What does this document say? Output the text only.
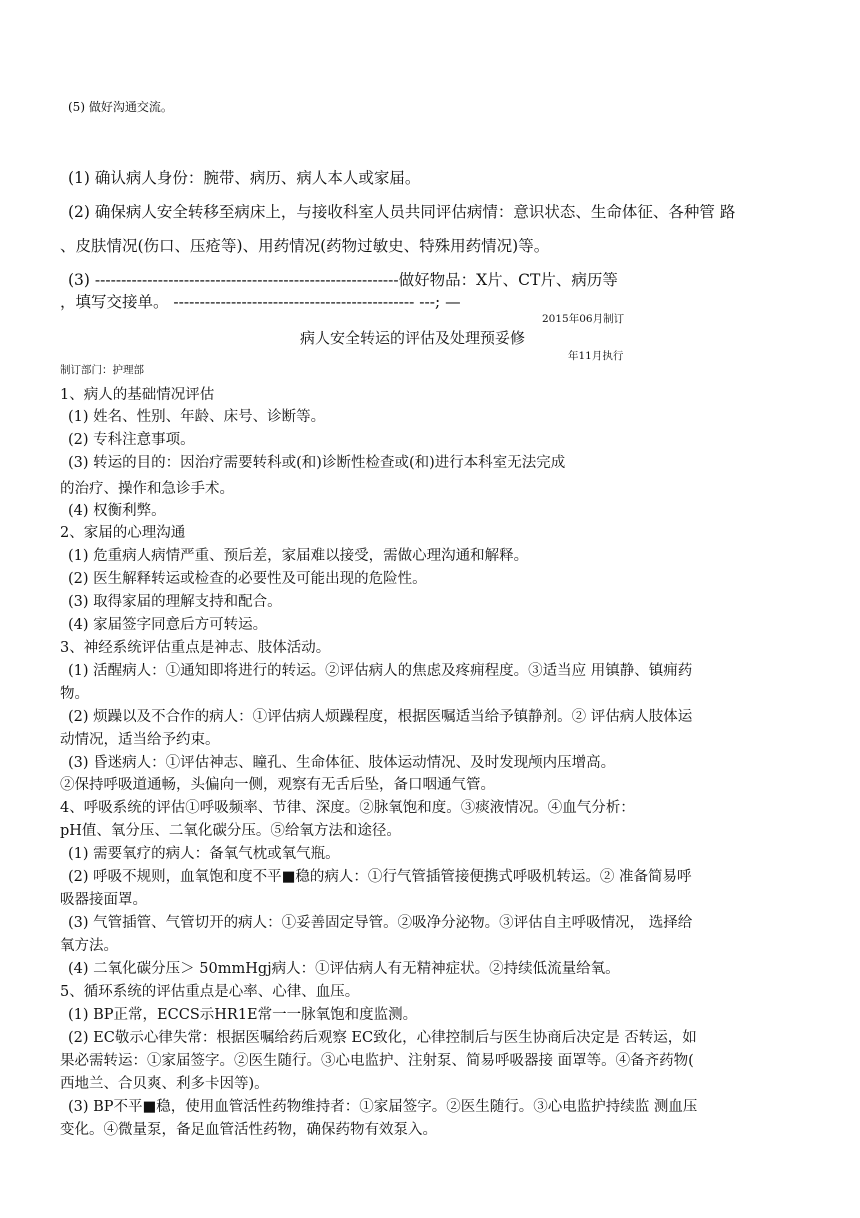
(5) 做好沟通交流。
(1) 确认病人身份：腕带、病历、病人本人或家届。
(2) 确保病人安全转移至病床上，与接收科室人员共同评估病情：意识状态、生命体征、各种管 路
、皮肤情况(伤口、压疮等)、用药情况(药物过敏史、特殊用药情况)等。
(3) ----------------------------------------------------------做好物品：X片、CT片、病历等
，填写交接单。 ---------------------------------------------- ---; —
2015年06月制订
病人安全转运的评估及处理预妥修
年11月执行
制订部门：护理部
1、病人的基础情况评估
(1) 姓名、性别、年龄、床号、诊断等。
(2) 专科注意事项。
(3) 转运的目的：因治疗需要转科或(和)诊断性检查或(和)进行本科室无法完成
的治疗、操作和急诊手术。
(4) 权衡利弊。
2、家届的心理沟通
(1) 危重病人病情严重、预后差，家届难以接受，需做心理沟通和解释。
(2) 医生解释转运或检查的必要性及可能出现的危险性。
(3) 取得家届的理解支持和配合。
(4) 家届签字同意后方可转运。
3、神经系统评估重点是神志、肢体活动。
(1) 活醒病人：①通知即将进行的转运。②评估病人的焦虑及疼痈程度。③适当应 用镇静、镇痈药
物。
(2) 烦躁以及不合作的病人：①评估病人烦躁程度，根据医嘱适当给予镇静剂。② 评估病人肢体运
动情况，适当给予约束。
(3) 昏迷病人：①评估神志、瞳孔、生命体征、肢体运动情况、及时发现颅内压增高。
②保持呼吸道通畅，头偏向一侧，观察有无舌后坠，备口咽通气管。
4、呼吸系统的评估①呼吸频率、节律、深度。②脉氧饱和度。③痰液情况。④血气分析：
pH值、氧分压、二氧化碳分压。⑤给氧方法和途径。
(1) 需要氧疗的病人：备氧气枕或氧气瓶。
(2) 呼吸不规则，血氧饱和度不平■稳的病人：①行气管插管接便携式呼吸机转运。② 准备简易呼
吸器接面罩。
(3) 气管插管、气管切开的病人：①妥善固定导管。②吸净分泌物。③评估自主呼吸情况， 选择给
氧方法。
(4) 二氧化碳分压＞ 50mmHgj病人：①评估病人有无精神症状。②持续低流量给氧。
5、循环系统的评估重点是心率、心律、血压。
(1) BP正常，ECCS示HR1E常一一脉氧饱和度监测。
(2) EC敬示心律失常：根据医嘱给药后观察 EC致化，心律控制后与医生协商后决定是 否转运，如
果必需转运：①家届签字。②医生随行。③心电监护、注射泵、简易呼吸器接 面罩等。④备齐药物(
西地兰、合贝爽、利多卡因等)。
(3) BP不平■稳，使用血管活性药物维持者：①家届签字。②医生随行。③心电监护持续监 测血压
变化。④微量泵，备足血管活性药物，确保药物有效泵入。
